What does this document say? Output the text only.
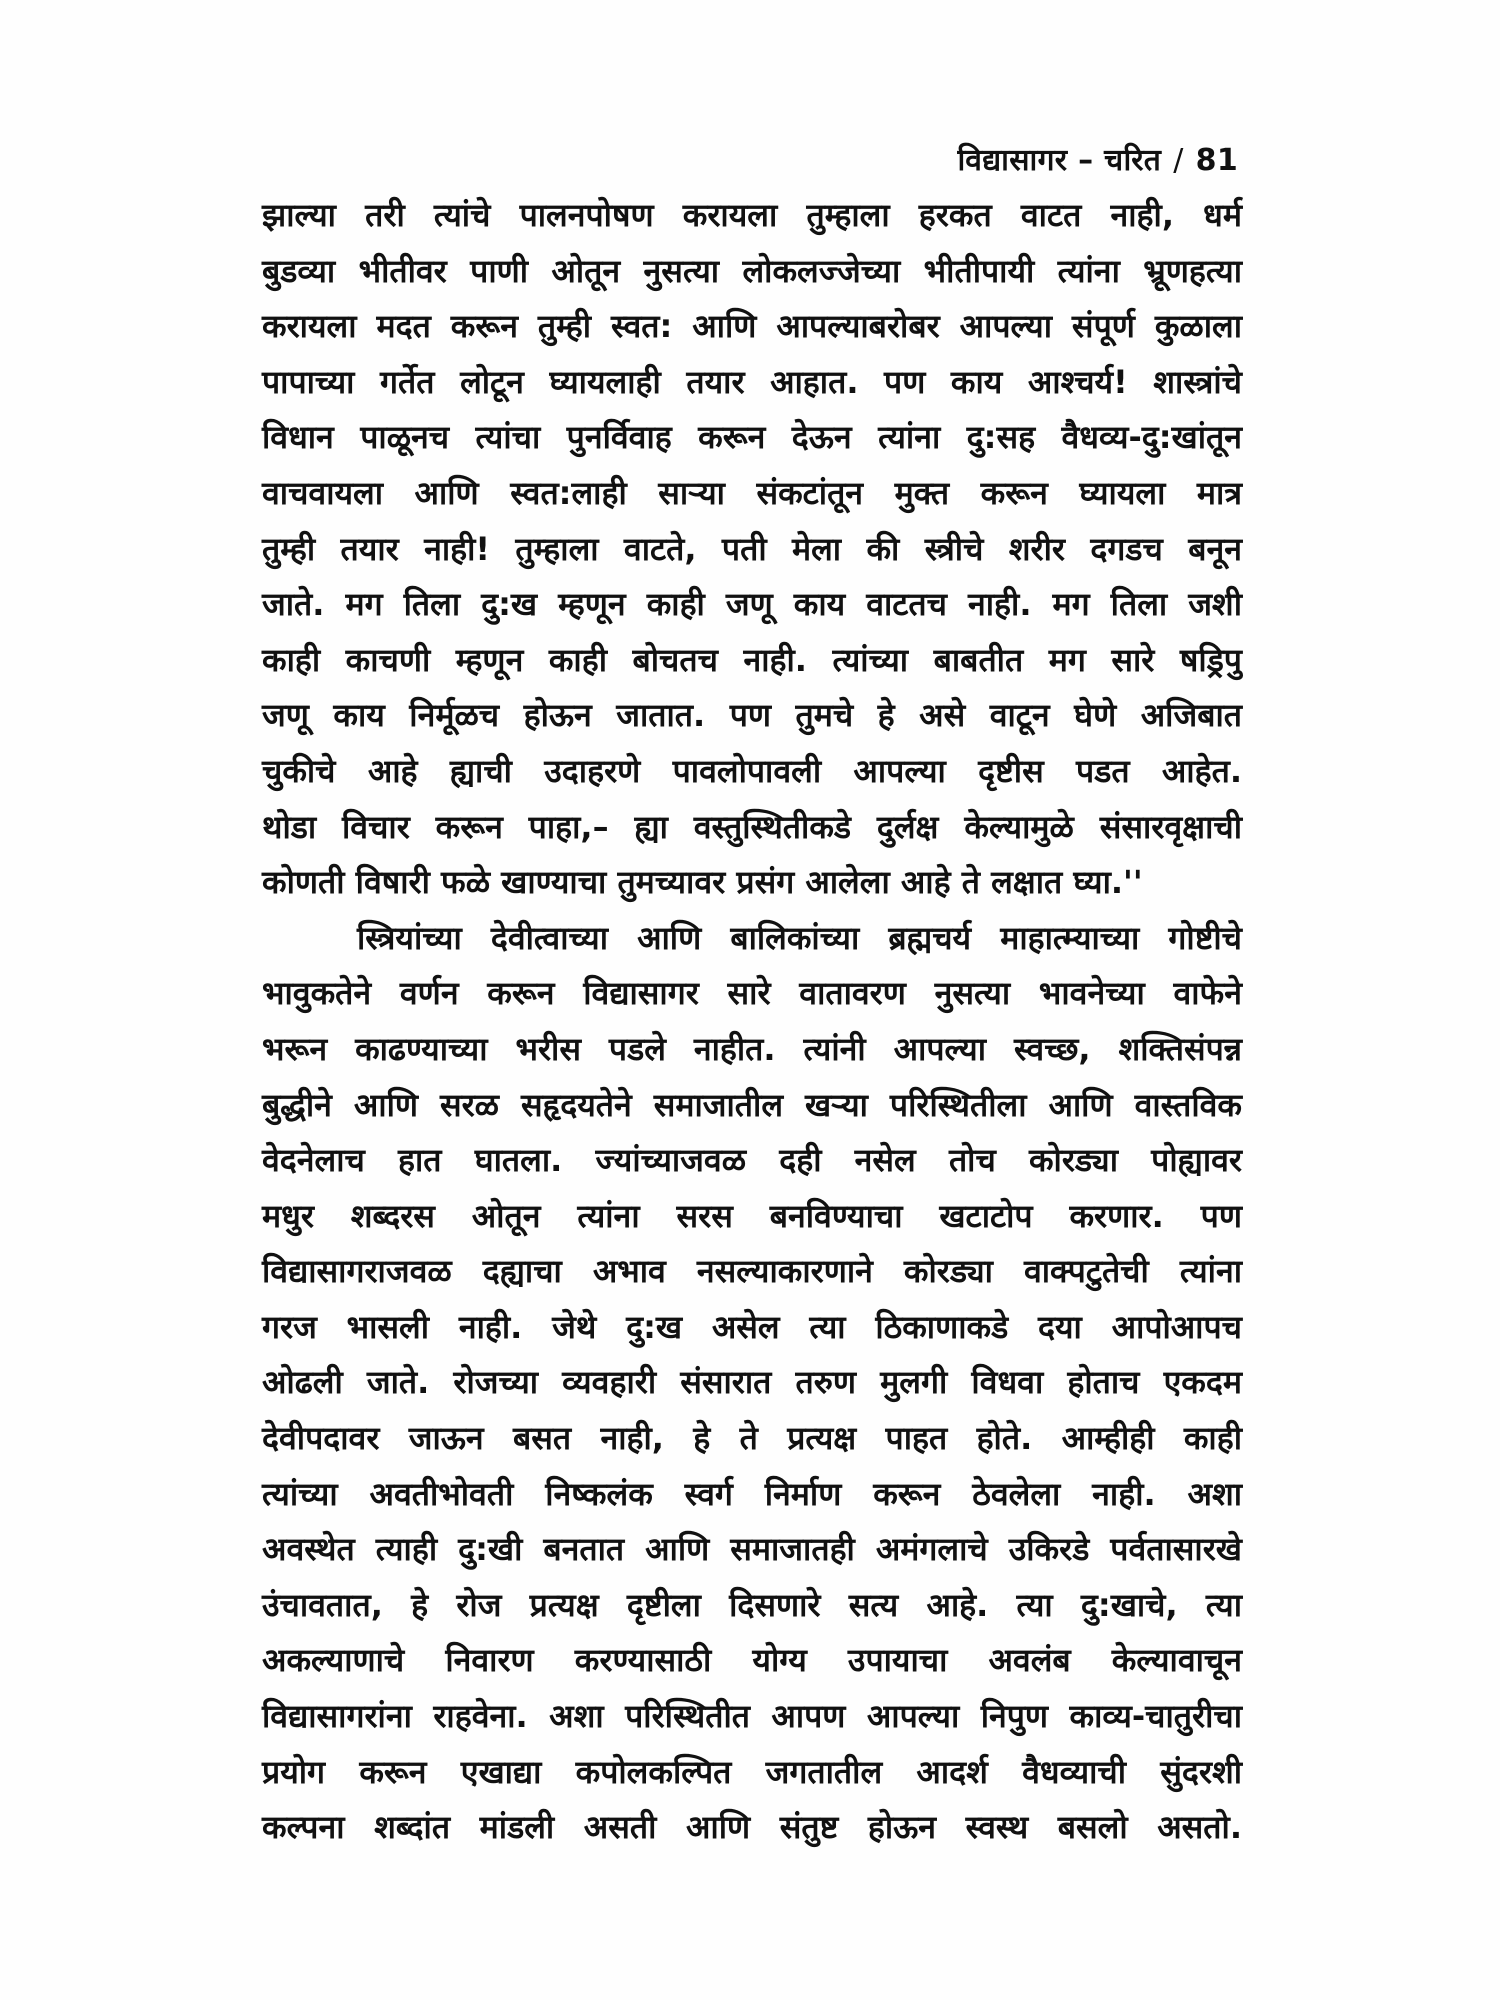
विद्यासागर – चरित / 81
झाल्या तरी त्यांचे पालनपोषण करायला तुम्हाला हरकत वाटत नाही, धर्म
बुडव्या भीतीवर पाणी ओतून नुसत्या लोकलज्जेच्या भीतीपायी त्यांना भ्रूणहत्या
करायला मदत करून तुम्ही स्वत: आणि आपल्याबरोबर आपल्या संपूर्ण कुळाला
पापाच्या गर्तेत लोटून घ्यायलाही तयार आहात. पण काय आश्चर्य! शास्त्रांचे
विधान पाळूनच त्यांचा पुनर्विवाह करून देऊन त्यांना दु:सह वैधव्य-दु:खांतून
वाचवायला आणि स्वत:लाही साऱ्या संकटांतून मुक्त करून घ्यायला मात्र
तुम्ही तयार नाही! तुम्हाला वाटते, पती मेला की स्त्रीचे शरीर दगडच बनून
जाते. मग तिला दु:ख म्हणून काही जणू काय वाटतच नाही. मग तिला जशी
काही काचणी म्हणून काही बोचतच नाही. त्यांच्या बाबतीत मग सारे षड्रिपु
जणू काय निर्मूळच होऊन जातात. पण तुमचे हे असे वाटून घेणे अजिबात
चुकीचे आहे ह्याची उदाहरणे पावलोपावली आपल्या दृष्टीस पडत आहेत.
थोडा विचार करून पाहा,– ह्या वस्तुस्थितीकडे दुर्लक्ष केल्यामुळे संसारवृक्षाची
कोणती विषारी फळे खाण्याचा तुमच्यावर प्रसंग आलेला आहे ते लक्षात घ्या.''
स्त्रियांच्या देवीत्वाच्या आणि बालिकांच्या ब्रह्मचर्य माहात्म्याच्या गोष्टीचे
भावुकतेने वर्णन करून विद्यासागर सारे वातावरण नुसत्या भावनेच्या वाफेने
भरून काढण्याच्या भरीस पडले नाहीत. त्यांनी आपल्या स्वच्छ, शक्तिसंपन्न
बुद्धीने आणि सरळ सहृदयतेने समाजातील खऱ्या परिस्थितीला आणि वास्तविक
वेदनेलाच हात घातला. ज्यांच्याजवळ दही नसेल तोच कोरड्या पोह्यावर
मधुर शब्दरस ओतून त्यांना सरस बनविण्याचा खटाटोप करणार. पण
विद्यासागराजवळ दह्याचा अभाव नसल्याकारणाने कोरड्या वाक्पटुतेची त्यांना
गरज भासली नाही. जेथे दु:ख असेल त्या ठिकाणाकडे दया आपोआपच
ओढली जाते. रोजच्या व्यवहारी संसारात तरुण मुलगी विधवा होताच एकदम
देवीपदावर जाऊन बसत नाही, हे ते प्रत्यक्ष पाहत होते. आम्हीही काही
त्यांच्या अवतीभोवती निष्कलंक स्वर्ग निर्माण करून ठेवलेला नाही. अशा
अवस्थेत त्याही दु:खी बनतात आणि समाजातही अमंगलाचे उकिरडे पर्वतासारखे
उंचावतात, हे रोज प्रत्यक्ष दृष्टीला दिसणारे सत्य आहे. त्या दु:खाचे, त्या
अकल्याणाचे निवारण करण्यासाठी योग्य उपायाचा अवलंब केल्यावाचून
विद्यासागरांना राहवेना. अशा परिस्थितीत आपण आपल्या निपुण काव्य-चातुरीचा
प्रयोग करून एखाद्या कपोलकल्पित जगतातील आदर्श वैधव्याची सुंदरशी
कल्पना शब्दांत मांडली असती आणि संतुष्ट होऊन स्वस्थ बसलो असतो.
